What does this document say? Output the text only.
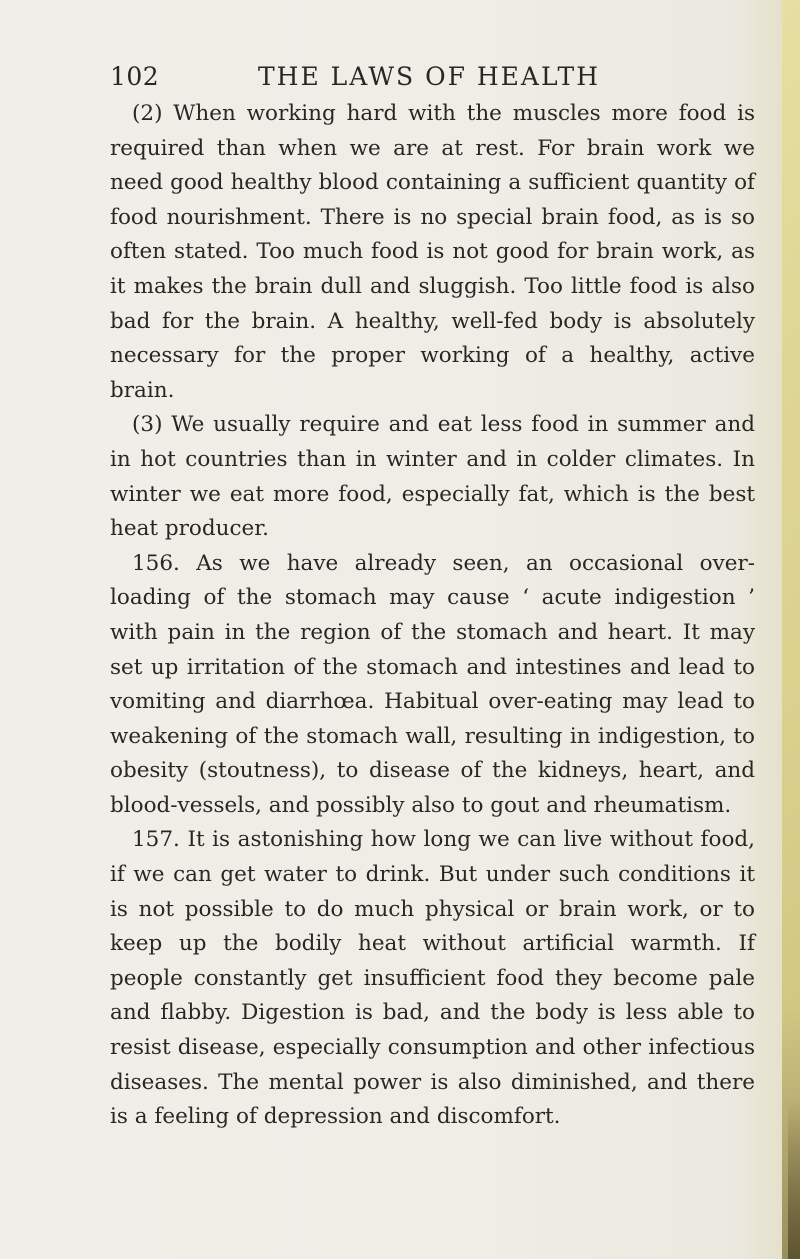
102	THE LAWS OF HEALTH

(2) When working hard with the muscles more food is required than when we are at rest. For brain work we need good healthy blood containing a sufficient quantity of food nourishment. There is no special brain food, as is so often stated. Too much food is not good for brain work, as it makes the brain dull and sluggish. Too little food is also bad for the brain. A healthy, well-fed body is absolutely necessary for the proper working of a healthy, active brain.

(3) We usually require and eat less food in summer and in hot countries than in winter and in colder climates. In winter we eat more food, especially fat, which is the best heat producer.

156. As we have already seen, an occasional over-loading of the stomach may cause ‘ acute indigestion ’ with pain in the region of the stomach and heart. It may set up irritation of the stomach and intestines and lead to vomiting and diarrhœa. Habitual over-eating may lead to weakening of the stomach wall, resulting in indigestion, to obesity (stoutness), to disease of the kidneys, heart, and blood-vessels, and possibly also to gout and rheumatism.

157. It is astonishing how long we can live without food, if we can get water to drink. But under such conditions it is not possible to do much physical or brain work, or to keep up the bodily heat without artificial warmth. If people constantly get insufficient food they become pale and flabby. Digestion is bad, and the body is less able to resist disease, especially consumption and other infectious diseases. The mental power is also diminished, and there is a feeling of depression and discomfort.
